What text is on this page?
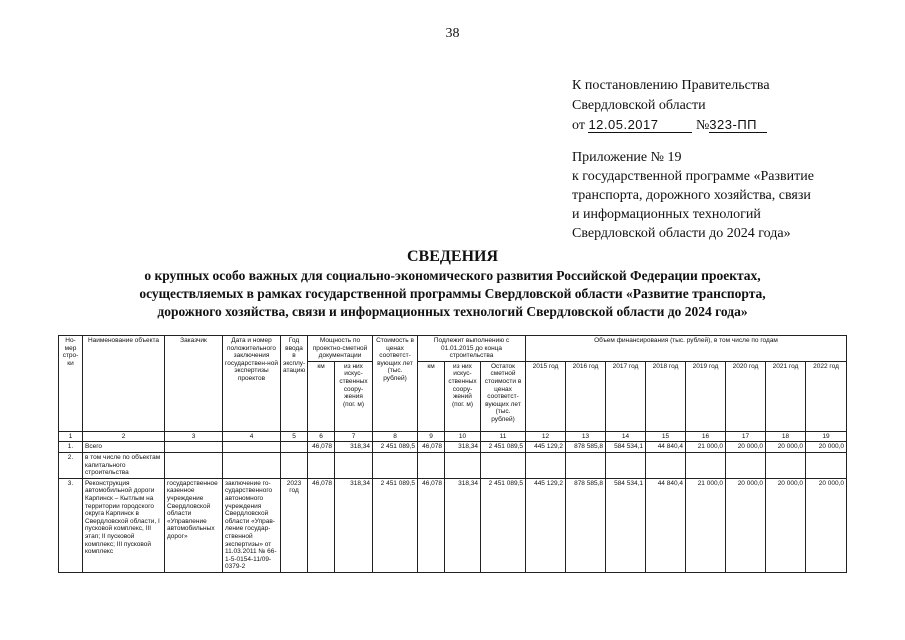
38
К постановлению Правительства
Свердловской области
от 12.05.2017	№323-ПП
Приложение № 19
к государственной программе «Развитие
транспорта, дорожного хозяйства, связи
и информационных технологий
Свердловской области до 2024 года»
СВЕДЕНИЯ
о крупных особо важных для социально-экономического развития Российской Федерации проектах,
осуществляемых в рамках государственной программы Свердловской области «Развитие транспорта,
дорожного хозяйства, связи и информационных технологий Свердловской области до 2024 года»
Но-мер стро-ки	Наименование объекта	Заказчик	Дата и номер положительного заключения государствен-ной экспертизы проектов	Год ввода в эксплу-атацию	Мощность по проектно-сметной документации		Стоимость в ценах соответст-вующих лет (тыс. рублей)	Подлежит выполнению с 01.01.2015 до конца строительства			Объем финансирования (тыс. рублей), в том числе по годам							
					км	из них искус-ственных соору-жения (пог. м)		км	из них искус-ственных соору-жений (пог. м)	Остаток сметной стоимости в ценах соответст-вующих лет (тыс. рублей)	2015 год	2016 год	2017 год	2018 год	2019 год	2020 год	2021 год	2022 год

1	2	3	4	5	6	7	8	9	10	11	12	13	14	15	16	17	18	19
1.	Всего				46,078	318,34	2 451 089,5	46,078	318,34	2 451 089,5	445 129,2	878 585,8	584 534,1	44 840,4	21 000,0	20 000,0	20 000,0	20 000,0
2.	в том числе по объектам капитального строительства																	
3.	Реконструкция автомобильной дороги Карпинск – Кытлым на территории городского округа Карпинск в Свердловской области, I пусковой комплекс, III этап; II пусковой комплекс; III пусковой комплекс	государственное казенное учреждение Свердловской области «Управление автомобильных дорог»	заключение го-сударственного автономного учреждения Свердловской области «Управ-ление государ-ственной экспертизы» от 11.03.2011 № 66-1-5-0154-11/09-0379-2	2023 год	46,078	318,34	2 451 089,5	46,078	318,34	2 451 089,5	445 129,2	878 585,8	584 534,1	44 840,4	21 000,0	20 000,0	20 000,0	20 000,0
